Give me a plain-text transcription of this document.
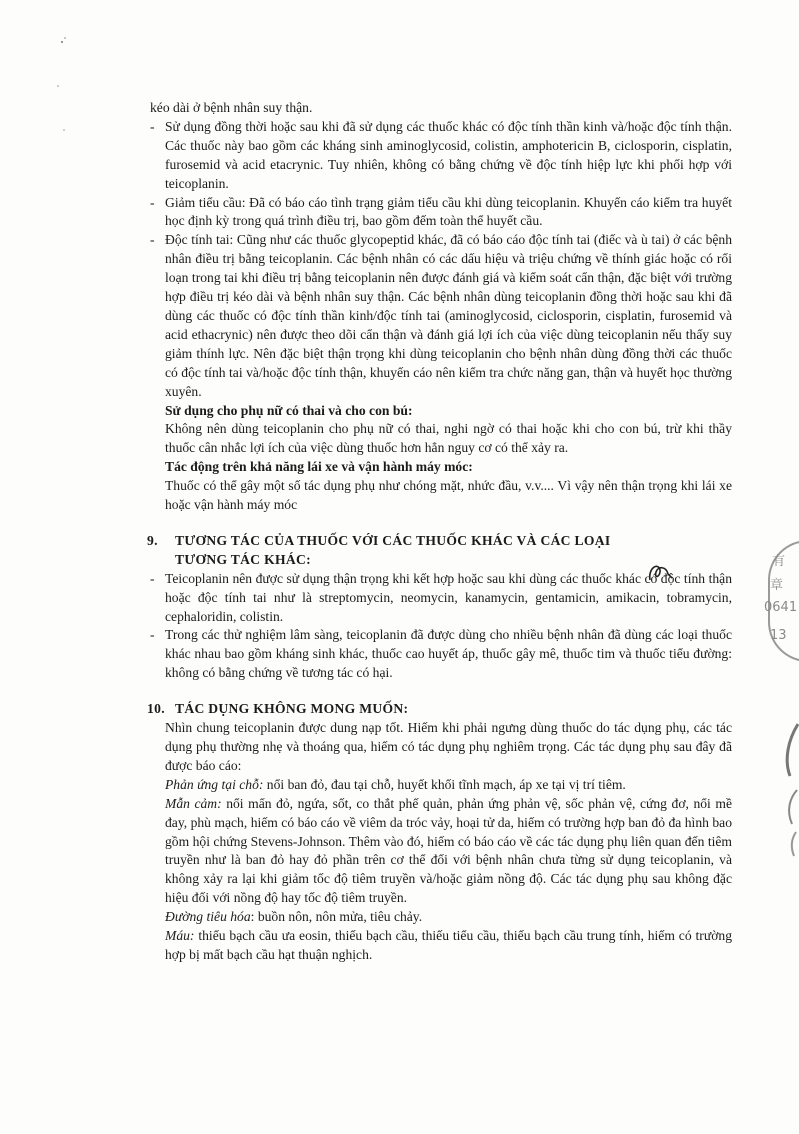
kéo dài ở bệnh nhân suy thận.
- Sử dụng đồng thời hoặc sau khi đã sử dụng các thuốc khác có độc tính thần kinh và/hoặc độc tính thận. Các thuốc này bao gồm các kháng sinh aminoglycosid, colistin, amphotericin B, ciclosporin, cisplatin, furosemid và acid etacrynic. Tuy nhiên, không có bằng chứng về độc tính hiệp lực khi phối hợp với teicoplanin.
- Giảm tiểu cầu: Đã có báo cáo tình trạng giảm tiểu cầu khi dùng teicoplanin. Khuyến cáo kiểm tra huyết học định kỳ trong quá trình điều trị, bao gồm đếm toàn thể huyết cầu.
- Độc tính tai: Cũng như các thuốc glycopeptid khác, đã có báo cáo độc tính tai (điếc và ù tai) ở các bệnh nhân điều trị bằng teicoplanin. Các bệnh nhân có các dấu hiệu và triệu chứng về thính giác hoặc có rối loạn trong tai khi điều trị bằng teicoplanin nên được đánh giá và kiểm soát cẩn thận, đặc biệt với trường hợp điều trị kéo dài và bệnh nhân suy thận. Các bệnh nhân dùng teicoplanin đồng thời hoặc sau khi đã dùng các thuốc có độc tính thần kinh/độc tính tai (aminoglycosid, ciclosporin, cisplatin, furosemid và acid ethacrynic) nên được theo dõi cẩn thận và đánh giá lợi ích của việc dùng teicoplanin nếu thấy suy giảm thính lực. Nên đặc biệt thận trọng khi dùng teicoplanin cho bệnh nhân dùng đồng thời các thuốc có độc tính tai và/hoặc độc tính thận, khuyến cáo nên kiểm tra chức năng gan, thận và huyết học thường xuyên.
Sử dụng cho phụ nữ có thai và cho con bú:
Không nên dùng teicoplanin cho phụ nữ có thai, nghi ngờ có thai hoặc khi cho con bú, trừ khi thầy thuốc cân nhắc lợi ích của việc dùng thuốc hơn hẳn nguy cơ có thể xảy ra.
Tác động trên khả năng lái xe và vận hành máy móc:
Thuốc có thể gây một số tác dụng phụ như chóng mặt, nhức đầu, v.v.... Vì vậy nên thận trọng khi lái xe hoặc vận hành máy móc
9. TƯƠNG TÁC CỦA THUỐC VỚI CÁC THUỐC KHÁC VÀ CÁC LOẠI
TƯƠNG TÁC KHÁC:
- Teicoplanin nên được sử dụng thận trọng khi kết hợp hoặc sau khi dùng các thuốc khác có độc tính thận hoặc độc tính tai như là streptomycin, neomycin, kanamycin, gentamicin, amikacin, tobramycin, cephaloridin, colistin.
- Trong các thử nghiệm lâm sàng, teicoplanin đã được dùng cho nhiều bệnh nhân đã dùng các loại thuốc khác nhau bao gồm kháng sinh khác, thuốc cao huyết áp, thuốc gây mê, thuốc tim và thuốc tiểu đường: không có bằng chứng về tương tác có hại.
10. TÁC DỤNG KHÔNG MONG MUỐN:
Nhìn chung teicoplanin được dung nạp tốt. Hiếm khi phải ngưng dùng thuốc do tác dụng phụ, các tác dụng phụ thường nhẹ và thoáng qua, hiếm có tác dụng phụ nghiêm trọng. Các tác dụng phụ sau đây đã được báo cáo:
Phản ứng tại chỗ: nổi ban đỏ, đau tại chỗ, huyết khối tĩnh mạch, áp xe tại vị trí tiêm.
Mẫn cảm: nổi mẩn đỏ, ngứa, sốt, co thắt phế quản, phản ứng phản vệ, sốc phản vệ, cứng đơ, nổi mề đay, phù mạch, hiếm có báo cáo về viêm da tróc vảy, hoại tử da, hiếm có trường hợp ban đỏ đa hình bao gồm hội chứng Stevens-Johnson. Thêm vào đó, hiếm có báo cáo về các tác dụng phụ liên quan đến tiêm truyền như là ban đỏ hay đỏ phần trên cơ thể đối với bệnh nhân chưa từng sử dụng teicoplanin, và không xảy ra lại khi giảm tốc độ tiêm truyền và/hoặc giảm nồng độ. Các tác dụng phụ sau không đặc hiệu đối với nồng độ hay tốc độ tiêm truyền.
Đường tiêu hóa: buồn nôn, nôn mửa, tiêu chảy.
Máu: thiếu bạch cầu ưa eosin, thiếu bạch cầu, thiếu tiểu cầu, thiếu bạch cầu trung tính, hiếm có trường hợp bị mất bạch cầu hạt thuận nghịch.
有
章
0641
13
